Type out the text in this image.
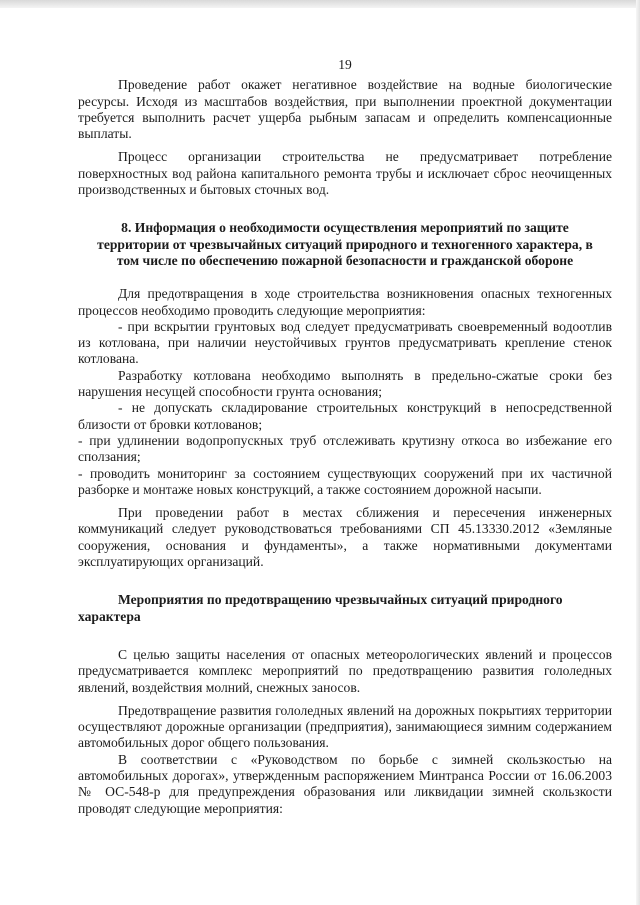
19

Проведение работ окажет негативное воздействие на водные биологические ресурсы. Исходя из масштабов воздействия, при выполнении проектной документации требуется выполнить расчет ущерба рыбным запасам и определить компенсационные выплаты.

Процесс организации строительства не предусматривает потребление поверхностных вод района капитального ремонта трубы и исключает сброс неочищенных производственных и бытовых сточных вод.

8. Информация о необходимости осуществления мероприятий по защите территории от чрезвычайных ситуаций природного и техногенного характера, в том числе по обеспечению пожарной безопасности и гражданской обороне

Для предотвращения в ходе строительства возникновения опасных техногенных процессов необходимо проводить следующие мероприятия:

- при вскрытии грунтовых вод следует предусматривать своевременный водоотлив из котлована, при наличии неустойчивых грунтов предусматривать крепление стенок котлована.

Разработку котлована необходимо выполнять в предельно-сжатые сроки без нарушения несущей способности грунта основания;

- не допускать складирование строительных конструкций в непосредственной близости от бровки котлованов;

- при удлинении водопропускных труб отслеживать крутизну откоса во избежание его сползания;

- проводить мониторинг за состоянием существующих сооружений при их частичной разборке и монтаже новых конструкций, а также состоянием дорожной насыпи.

При проведении работ в местах сближения и пересечения инженерных коммуникаций следует руководствоваться требованиями СП 45.13330.2012 «Земляные сооружения, основания и фундаменты», а также нормативными документами эксплуатирующих организаций.

Мероприятия по предотвращению чрезвычайных ситуаций природного характера

С целью защиты населения от опасных метеорологических явлений и процессов предусматривается комплекс мероприятий по предотвращению развития гололедных явлений, воздействия молний, снежных заносов.

Предотвращение развития гололедных явлений на дорожных покрытиях территории осуществляют дорожные организации (предприятия), занимающиеся зимним содержанием автомобильных дорог общего пользования.

В соответствии с «Руководством по борьбе с зимней скользкостью на автомобильных дорогах», утвержденным распоряжением Минтранса России от 16.06.2003 № ОС-548-р для предупреждения образования или ликвидации зимней скользкости проводят следующие мероприятия:
